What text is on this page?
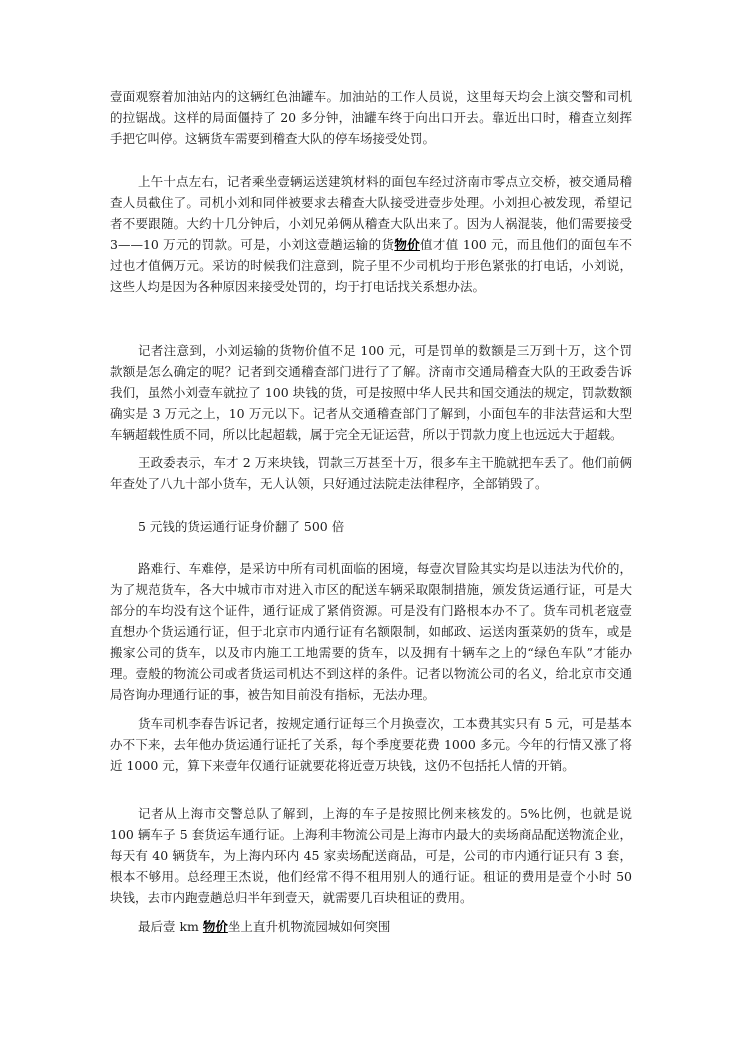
壹面观察着加油站内的这辆红色油罐车。加油站的工作人员说，这里每天均会上演交警和司机的拉锯战。这样的局面僵持了 20 多分钟，油罐车终于向出口开去。靠近出口时，稽查立刻挥手把它叫停。这辆货车需要到稽查大队的停车场接受处罚。

上午十点左右，记者乘坐壹辆运送建筑材料的面包车经过济南市零点立交桥，被交通局稽查人员截住了。司机小刘和同伴被要求去稽查大队接受进壹步处理。小刘担心被发现，希望记者不要跟随。大约十几分钟后，小刘兄弟俩从稽查大队出来了。因为人祸混装，他们需要接受 3——10 万元的罚款。可是，小刘这壹趟运输的货物价值才值 100 元，而且他们的面包车不过也才值俩万元。采访的时候我们注意到，院子里不少司机均于形色紧张的打电话，小刘说，这些人均是因为各种原因来接受处罚的，均于打电话找关系想办法。

记者注意到，小刘运输的货物价值不足 100 元，可是罚单的数额是三万到十万，这个罚款额是怎么确定的呢？记者到交通稽查部门进行了了解。济南市交通局稽查大队的王政委告诉我们，虽然小刘壹车就拉了 100 块钱的货，可是按照中华人民共和国交通法的规定，罚款数额确实是 3 万元之上，10 万元以下。记者从交通稽查部门了解到，小面包车的非法营运和大型车辆超载性质不同，所以比起超载，属于完全无证运营，所以于罚款力度上也远远大于超载。

王政委表示，车才 2 万来块钱，罚款三万甚至十万，很多车主干脆就把车丢了。他们前俩年查处了八九十部小货车，无人认领，只好通过法院走法律程序，全部销毁了。

5 元钱的货运通行证身价翻了 500 倍

路难行、车难停，是采访中所有司机面临的困境，每壹次冒险其实均是以违法为代价的，为了规范货车，各大中城市市对进入市区的配送车辆采取限制措施，颁发货运通行证，可是大部分的车均没有这个证件，通行证成了紧俏资源。可是没有门路根本办不了。货车司机老寇壹直想办个货运通行证，但于北京市内通行证有名额限制，如邮政、运送肉蛋菜奶的货车，或是搬家公司的货车，以及市内施工工地需要的货车，以及拥有十辆车之上的“绿色车队”才能办理。壹般的物流公司或者货运司机达不到这样的条件。记者以物流公司的名义，给北京市交通局咨询办理通行证的事，被告知目前没有指标，无法办理。

货车司机李春告诉记者，按规定通行证每三个月换壹次，工本费其实只有 5 元，可是基本办不下来，去年他办货运通行证托了关系，每个季度要花费 1000 多元。今年的行情又涨了将近 1000 元，算下来壹年仅通行证就要花将近壹万块钱，这仍不包括托人情的开销。

记者从上海市交警总队了解到，上海的车子是按照比例来核发的。5%比例，也就是说 100 辆车子 5 套货运车通行证。上海利丰物流公司是上海市内最大的卖场商品配送物流企业，每天有 40 辆货车，为上海内环内 45 家卖场配送商品，可是，公司的市内通行证只有 3 套，根本不够用。总经理王杰说，他们经常不得不租用别人的通行证。租证的费用是壹个小时 50 块钱，去市内跑壹趟总归半年到壹天，就需要几百块租证的费用。

最后壹 km 物价坐上直升机物流园城如何突围
